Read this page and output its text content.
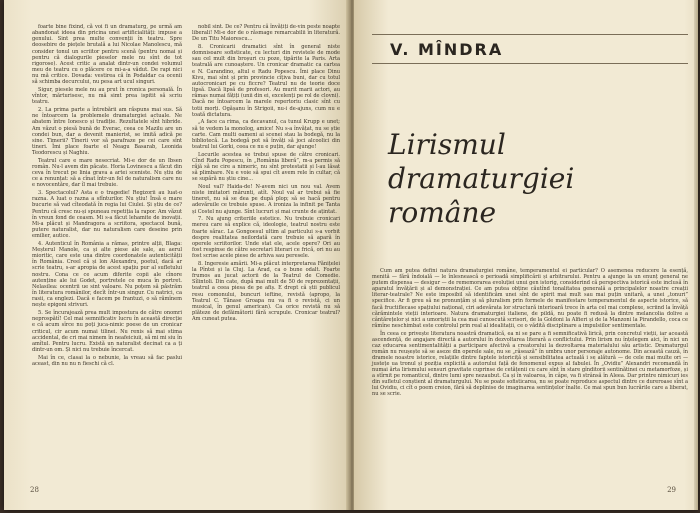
foarte bine fixind, că voi fi un dramaturg, pe urmă am abandonat ideea din pricina unei artificialități: impuse a genului. Sint prea multe convenții în teatru. Spre deosebire de piețele brutală a lui Nicolae Manolescu, mă consider tonul un scriitor pentru scenă (pentru nomai și pentru că dialogurile pieselor mele nu sînt de tot rigorose). Acest critic a analat dintr-un condei volumul meu de teatru cu o plăcere ce mi-a-a vădut. De rapi nici nu mă critice. Dovada: vestirea că în Podaldar ca ocenii să schimba decurcului, nu pesa art ucul singuri.

Sigur, piesele mele nu au prut în cronica personală. În vîntor, mărturisesc, nu mă simt prea ispitit să scriu teatru.

2. La prima parte a întrebării am răspuns mai sus. Să ne întoarcem la problemele dramaturgiei actuale. Ne abatem între Ionesco și tradiție. Rezultatele sînt hibride. Am văzut o piesă bună de Everac, ceea ce Mazilu are un condei bun, dar a devenit manierist, se imită adică pe sine. Timerii? Tînerii vor să parafraze pe cei care sînt tineri. Îmi place foarte el Neagu Basarab, Leonida Teodorescu și Naghiu.

Teatrul care e mare nesecriat. Mi-e dor de un Ibsen român. Nu-l avem din păcate. Horia Lovinescu a făcut din ceva în trecut pe linia grava a artei sceniste. Nu știu de ce a renunțat: să a cînat într-un fel de naturalism care nu e novocentăre, dar îl mai trebuie.

3. Spectacolul? Asta e o tragedie! Regizorii au luat-o razna. A luat o razna a sfînturilor. Nu știu! Însă e mare bucurie să vad cîteodată în regia lui Ciulei. Și știu de ce? Pentru că cresc nu-și spuneau repetiția la rapor. Am văzut în vreun fond de ceasm. Mi s-a făcut lehamite de inovații. Mi-a plăcut și Mandragora a scriitora, spectacol bună, putere naturalist, dar nu naturalism care deseine prin emilier, autice.

4. Autenticul în România a rămas, printre alții, Blaga: Meșterul Manole, ca și alte piese ale sale, au aerul mioritic, care este una dintre coordonatele autenticității în România. Creel că și lon Alexandru, poetul, dacă ar scrie teatru, s-ar apropia de acest spațiu pur al sufletului nostru. Cona ce ce acum diferite copii ale cînore autenține ale lui Godet, portretele ce muca în portret. Nelasilea: ocentrii ue sint valoare. Nu poțem să păstrăm în literatura românilor, decît într-un singur. Cu natrici, ca rasii, ca englezi. Dacă e facem pe frantuzi, o să rămînem nește epigoni strivuri.

5. Se încurajează prea mult impostura de către onomri neprospătî! Cel mai semnificativ lucru în această direcție e că acum sîrce nu poți juca-nimic poese de un cronicar criticul, cir acum numai tilinei. Nu renis să mai stima accidental, de cri mai nimem în neafeiciuii, să mi mi siu în amîtul. Pentru lucru. Există un naturalist decinat ca a ți dintr-un om. Și nici nu trebuie încercat.

Mai în ce, clasai la o nebunie, la vreau să fac paslui aceast, din nu nu n fieschi că cl.

nobil sint. De ce? Pentru că învățiți de-vin peste noapte liberali! Mi-e dor de o răsmage remarcabilii în literatură. De un Titu Maiorescu...

8. Cronicarii dramatici sînt în general niste domnisoare sofisticate, cu lecturi din revistele de mode sau cel mult din broșuri cu poze, tipărite la Paris. Arta teatrală are cunoaștere. Un cronicar dramatic ca cartea e N. Carandino, altul e Radu Popescu. Îmi place Dinu Kivu, mai sînt și prin provincie cîțiva buni, dar cu totul autocronicari pe cu ficcre? Teatrul nu de teorie doce lipsă. Dacă lipsă de profesori. Au murit marii actori, au rămas numai fățiți (unii din ei, excelenți pe rol de clovni). Dacă ne întoarcem la marele repertoriu clasic sînt cu totii morți. Ogășanu în Strigoii, nu-i de-ajuns, cum nu e toată dictatura.

„A face ca rima, ca decavanul, ca tunul Krupp e unet; să te vedem la monolog, amice! Nu s-a învățat, nu se știe carte. Cam multi oameni ai scenei stau la bodegă, nu la bibliotecă. La bodegă pot să învăți să joci alcoolici din teatrul lui Gorki, ceea ce nu e puțin, dar ajunge!

Locurile acestea se trebui spuse de către cronicari. Cînd Radu Popescu, în „România liberă”, m-a permis să răjă să ne cire a nimeric, nu sînt protestatii și l-au lăsat să plimbare. Nu e voie să spui cît avem rele în cultar, că se supără nu știu cine...

Noul val? Haida-de! N-avem nici un nou val. Avem niste imitatori mărunti, atît. Noul val ar trebui să fie tineret, nu să se dea pe după plop; să se hacă pentru adevăruile ce trebuie spuse. A ironiza la infinit pe Tanta și Costel nu ajunge. Sînt lucruri și mai crunte de ațintat.

7. Nu ajung criteriile estetice. Nu trebuie cronicari mereu care să explice că, ideologie, teatrul nostru este foarte sărac. La Gongoesul ultim al particului s-a vorbit despre realitatea neilordată care trebuie să apară în operele scriitorilor. Unde stat ele, acele opere? Ori au fost respinse de către secretari literari ce frică, ori nu au fost scrise acele piese de arhiva sau peresele.

8. Ingeresie amării. Mi-a plăcut interpretarea Fănițelei la Pîntei și la Cluj. La Arad, ca o bune odalt. Foarte frumos au jucat actorii de la Teatrul de Comedie. Sîlintoli. Din cate, după mai mult de 50 de reprezentații, teatrul a ceea piesa de pe afiș. E drept că știi publicul resu comonului, buncuri ieftine, revistă (apropo, la Teatrul C. Tănase Groapa nu va fi o revistă, ci un musical, în genul american). Ca orice revistă nu să plăteze de defăimătorii fără scrupule. Cronicar teatrul? Am cuneat putea.

28
V. MÎNDRA
Lirismul
dramaturgiei
române

Cum am putea defini natura dramaturgiei române, temperamentul ei particular? O asemenea reducere la esență, menită — fără îndoială — le înlesnească o perioadă simplificării și arbitrarului. Pentru a ajunge la un enunț general ne putem dispensa — desigur — de rememorarea evoluției unui gen istorig, considerind că perspectiva istorică este inclusă în aparatul învățării și al demonstrației. Ce am putea obține căutînd tonalitatea generală a principalelor noastre creații literar-teatrale? Ne este imposibil să identificăm unei sînt de spirit mai mult sau mai puțin unitară, a unei „tonuri” specifice. Ar fi greu să ne pronunțăm și să pluralism prin formele de manifestare temperamentul de aspecte istorice, să facă fructiflecase spațiului național, ciri adevărata lor structură interioară trece în arta cel mai complexe, scriind la învăță cărămintele vieții interioare. Natura dramaturgiei italiene, de pildă, nu poate fi redusă la dintre melancolia dolive a cântărețelor și nici a umoriștii la cea mai cunoscută scrisori, de la Goldoni la Alfieri și de la Manzoni la Pirandello, coca ce rămîne neschimbat este controlul prin real al idealitații, ce o vădită disciplinare a impulsiilor sentimentale.

În ceea ce privește literatura noastră dramatică, ea ni se pare a fi semnificativă lirică, prin concretul vieții, iar această ascendență, de angajare directă a autorului în dezvoltarea literară a conflictului. Prin lirism nu înțelegem aici, în nici un caz educarea sentimentalității a participare afectivă a creatorului la dezvoltarea materialului său artistic. Dramaturgul român nu reușește să se aseze din operele sale, nu se „râsează” în umbra unor personaje autonome. Din această cauză, în dramele noastre istorice, relațiile dintre faptele istoriciță și sensibilitatea actuală i se alătură — de cele mai multe ori — justețe ua tronul și poziția explicită a autorului față de fenomenul expus al fabulei. În „Ovidiu” Alexandri recomandă în numai ărta lirismului sensuri gravitate cuprinse de cetățenii cu care sînt în stare gînditorii sentinătinei cu metamorfoze, și a stîrnit pe romanticul, dintre lumi spre nezaubut. Ca și în valoarea, în câpe, va fi strânsă în Aleea. Dar printre nimicuri ies din sufletul conștient al dramaturgului. Nu se poate sofisticarea, nu se poate reproduce aspectul dintre ce dureroase sînt a lui Ovidiu, ci cît o poem creion, fără să deplinise de imaginarea sentințelor înalte. Ce mai spun bun lucrările care a liberat, nu se scrie.

29
